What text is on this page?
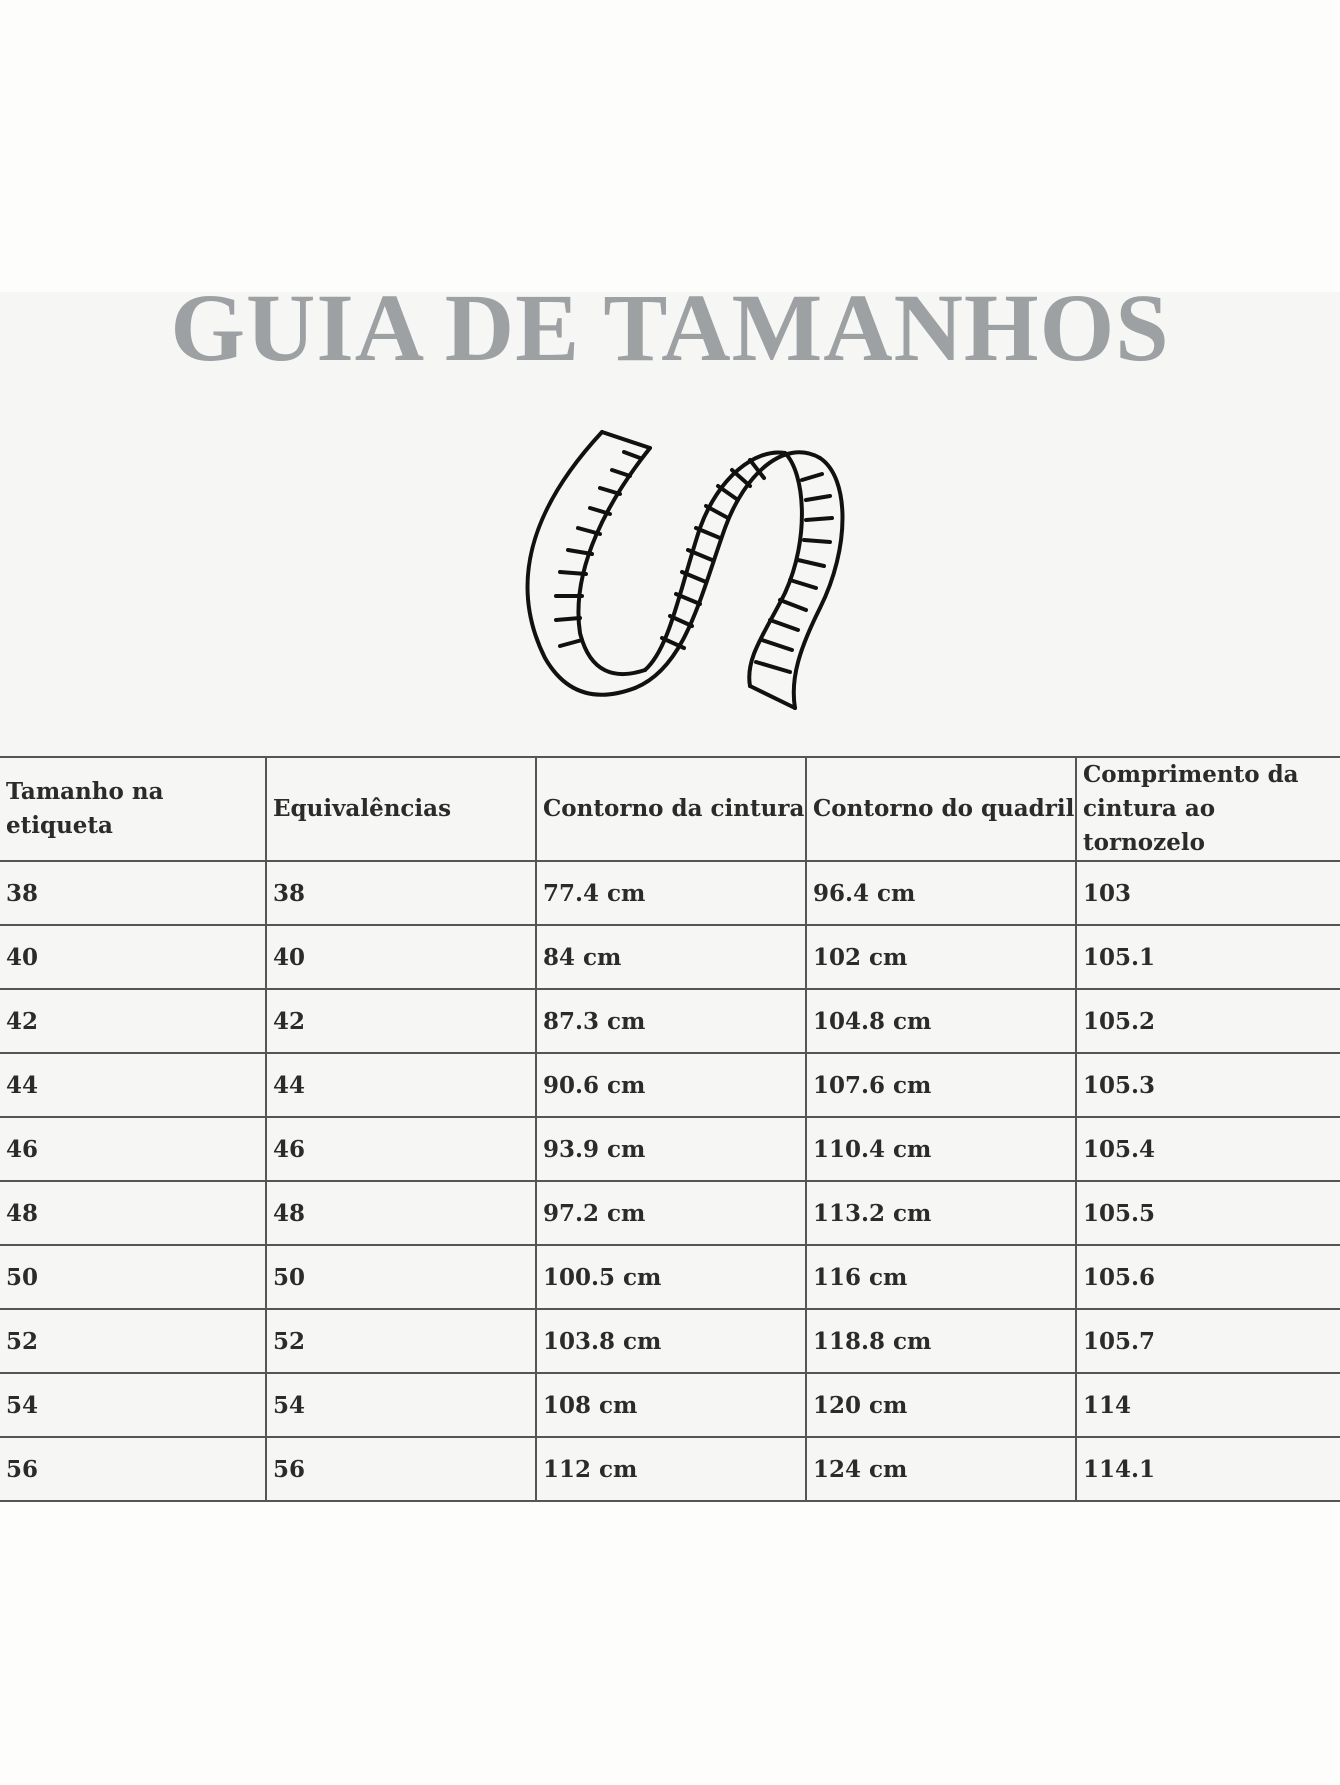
GUIA DE TAMANHOS
Tamanho na etiqueta	Equivalências	Contorno da cintura	Contorno do quadril	Comprimento da cintura ao tornozelo
38	38	77.4 cm	96.4 cm	103
40	40	84 cm	102 cm	105.1
42	42	87.3 cm	104.8 cm	105.2
44	44	90.6 cm	107.6 cm	105.3
46	46	93.9 cm	110.4 cm	105.4
48	48	97.2 cm	113.2 cm	105.5
50	50	100.5 cm	116 cm	105.6
52	52	103.8 cm	118.8 cm	105.7
54	54	108 cm	120 cm	114
56	56	112 cm	124 cm	114.1
